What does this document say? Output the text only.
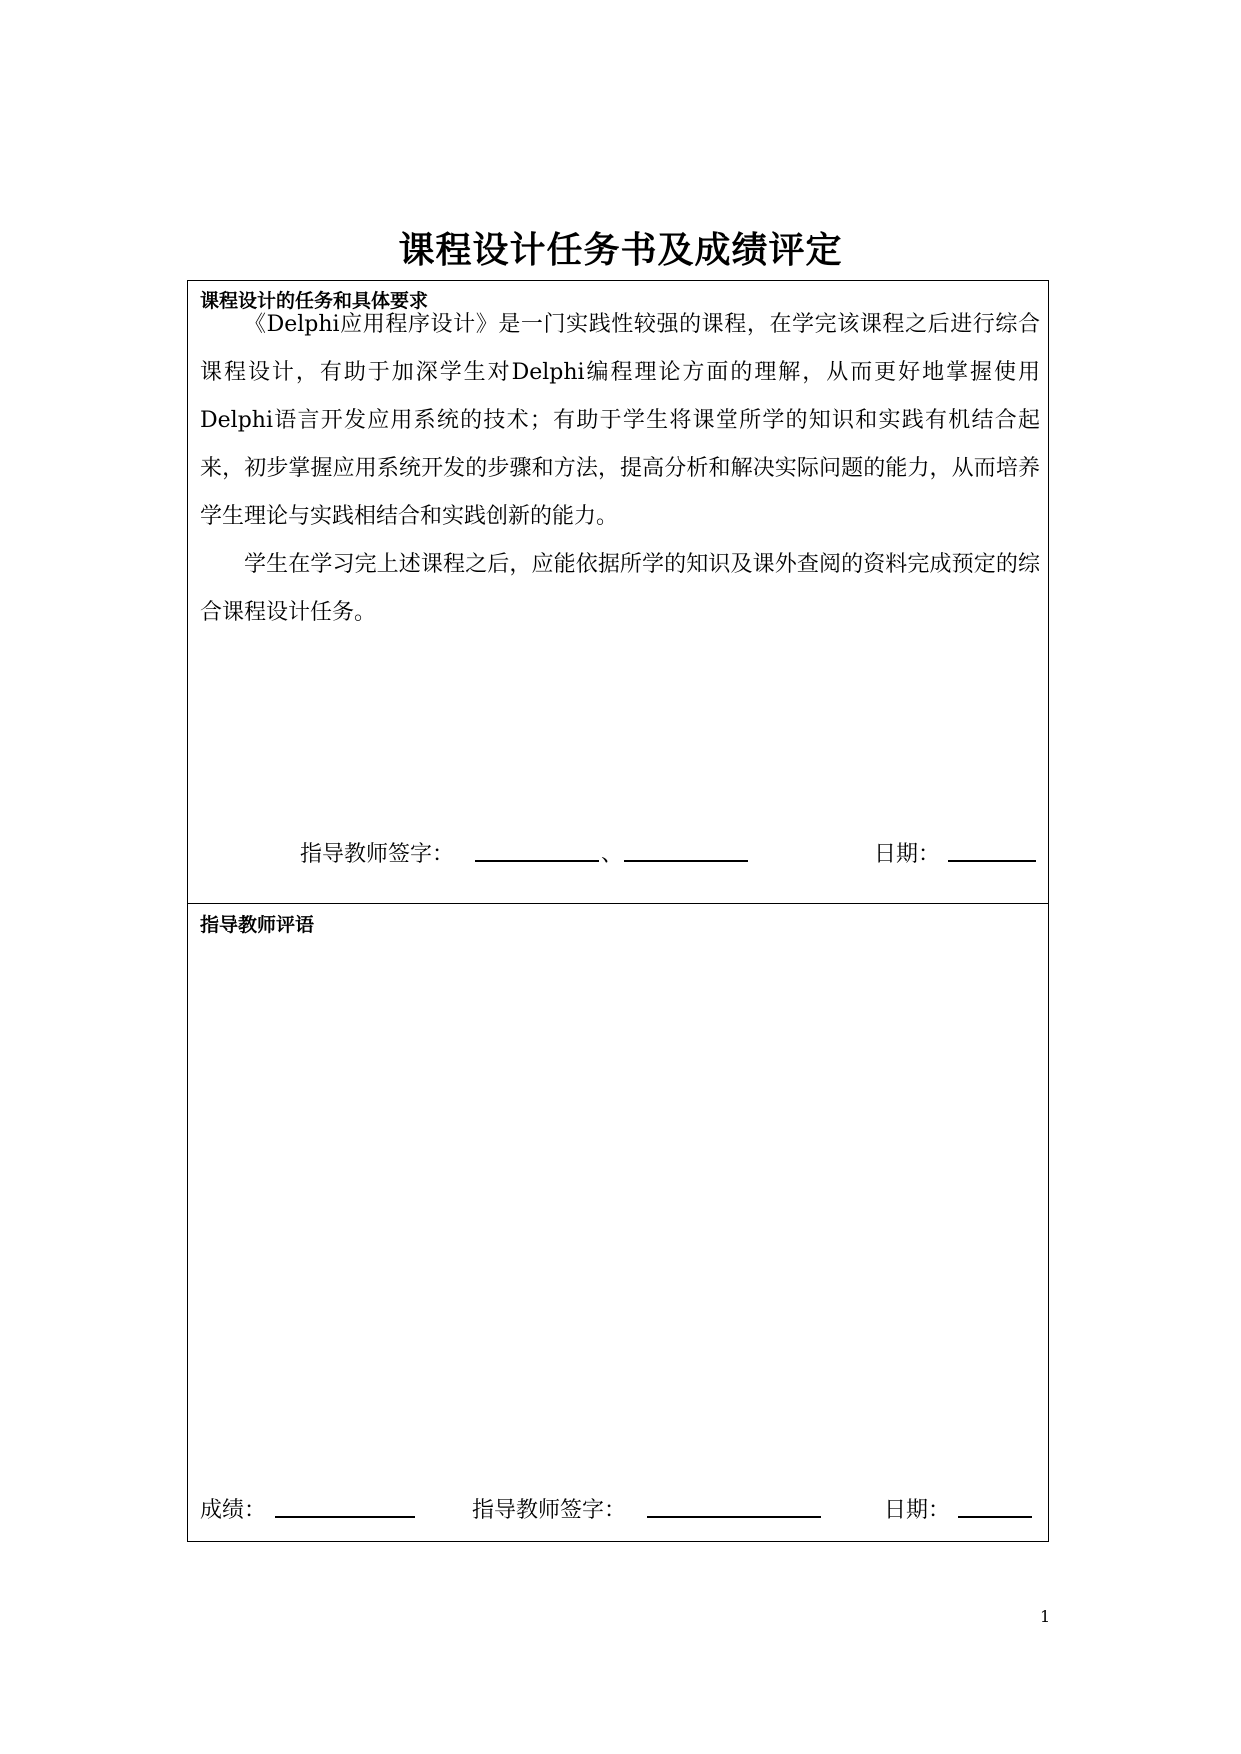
课程设计任务书及成绩评定
课程设计的任务和具体要求

《Delphi应用程序设计》是一门实践性较强的课程，在学完该课程之后进行综合课程设计，有助于加深学生对Delphi编程理论方面的理解，从而更好地掌握使用Delphi语言开发应用系统的技术；有助于学生将课堂所学的知识和实践有机结合起来，初步掌握应用系统开发的步骤和方法，提高分析和解决实际问题的能力，从而培养学生理论与实践相结合和实践创新的能力。

学生在学习完上述课程之后，应能依据所学的知识及课外查阅的资料完成预定的综合课程设计任务。

指导教师签字：	、	日期：
指导教师评语
成绩：	指导教师签字：	日期：
1
